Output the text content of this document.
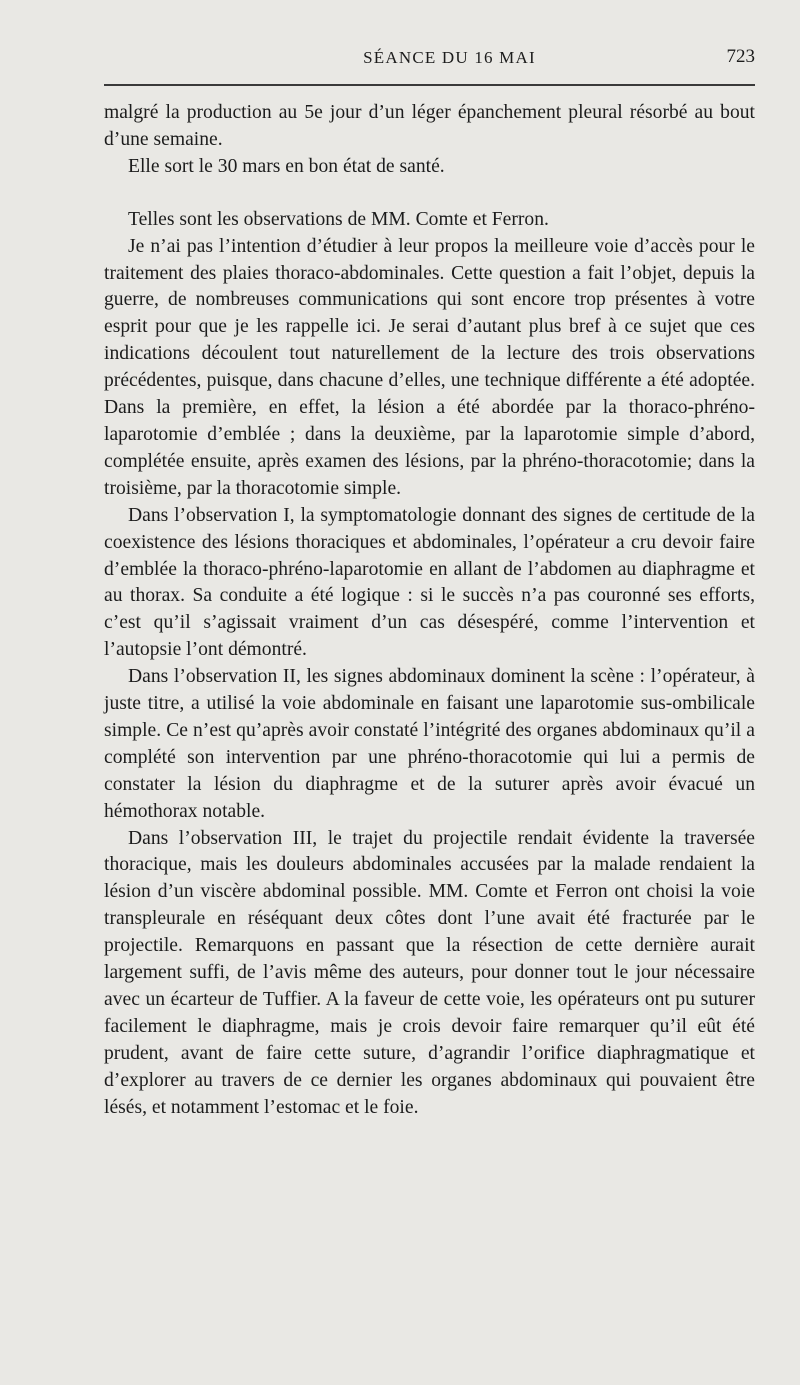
SÉANCE DU 16 MAI	723

malgré la production au 5e jour d’un léger épanchement pleural résorbé au bout d’une semaine.

Elle sort le 30 mars en bon état de santé.

Telles sont les observations de MM. Comte et Ferron.

Je n’ai pas l’intention d’étudier à leur propos la meilleure voie d’accès pour le traitement des plaies thoraco-abdominales. Cette question a fait l’objet, depuis la guerre, de nombreuses communications qui sont encore trop présentes à votre esprit pour que je les rappelle ici. Je serai d’autant plus bref à ce sujet que ces indications découlent tout naturellement de la lecture des trois observations précédentes, puisque, dans chacune d’elles, une technique différente a été adoptée. Dans la première, en effet, la lésion a été abordée par la thoraco-phréno-laparotomie d’emblée ; dans la deuxième, par la laparotomie simple d’abord, complétée ensuite, après examen des lésions, par la phréno-thoracotomie; dans la troisième, par la thoracotomie simple.

Dans l’observation I, la symptomatologie donnant des signes de certitude de la coexistence des lésions thoraciques et abdominales, l’opérateur a cru devoir faire d’emblée la thoraco-phréno-laparotomie en allant de l’abdomen au diaphragme et au thorax. Sa conduite a été logique : si le succès n’a pas couronné ses efforts, c’est qu’il s’agissait vraiment d’un cas désespéré, comme l’intervention et l’autopsie l’ont démontré.

Dans l’observation II, les signes abdominaux dominent la scène : l’opérateur, à juste titre, a utilisé la voie abdominale en faisant une laparotomie sus-ombilicale simple. Ce n’est qu’après avoir constaté l’intégrité des organes abdominaux qu’il a complété son intervention par une phréno-thoracotomie qui lui a permis de constater la lésion du diaphragme et de la suturer après avoir évacué un hémothorax notable.

Dans l’observation III, le trajet du projectile rendait évidente la traversée thoracique, mais les douleurs abdominales accusées par la malade rendaient la lésion d’un viscère abdominal possible. MM. Comte et Ferron ont choisi la voie transpleurale en réséquant deux côtes dont l’une avait été fracturée par le projectile. Remarquons en passant que la résection de cette dernière aurait largement suffi, de l’avis même des auteurs, pour donner tout le jour nécessaire avec un écarteur de Tuffier. A la faveur de cette voie, les opérateurs ont pu suturer facilement le diaphragme, mais je crois devoir faire remarquer qu’il eût été prudent, avant de faire cette suture, d’agrandir l’orifice diaphragmatique et d’explorer au travers de ce dernier les organes abdominaux qui pouvaient être lésés, et notamment l’estomac et le foie.
